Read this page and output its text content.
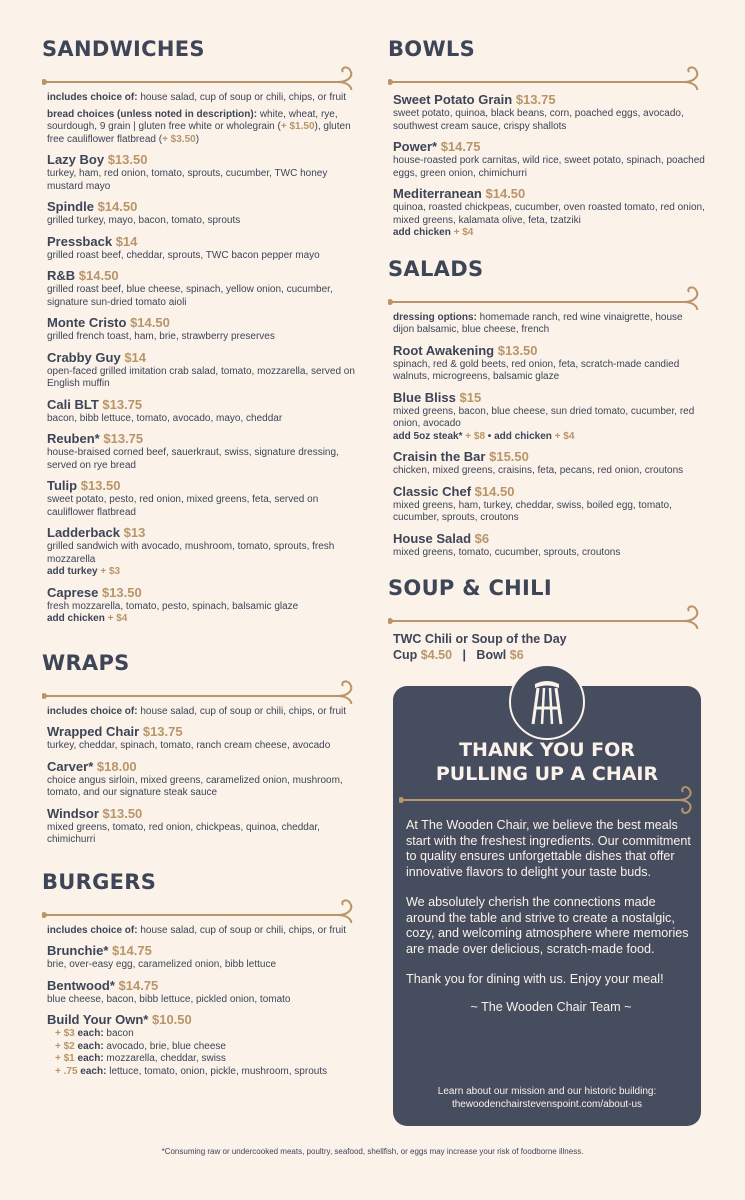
SANDWICHES
includes choice of: house salad, cup of soup or chili, chips, or fruit
bread choices (unless noted in description): white, wheat, rye, sourdough, 9 grain | gluten free white or wholegrain (+ $1.50), gluten free cauliflower flatbread (+ $3.50)
Lazy Boy $13.50
turkey, ham, red onion, tomato, sprouts, cucumber, TWC honey mustard mayo
Spindle $14.50
grilled turkey, mayo, bacon, tomato, sprouts
Pressback $14
grilled roast beef, cheddar, sprouts, TWC bacon pepper mayo
R&B $14.50
grilled roast beef, blue cheese, spinach, yellow onion, cucumber, signature sun-dried tomato aioli
Monte Cristo $14.50
grilled french toast, ham, brie, strawberry preserves
Crabby Guy $14
open-faced grilled imitation crab salad, tomato, mozzarella, served on English muffin
Cali BLT $13.75
bacon, bibb lettuce, tomato, avocado, mayo, cheddar
Reuben* $13.75
house-braised corned beef, sauerkraut, swiss, signature dressing, served on rye bread
Tulip $13.50
sweet potato, pesto, red onion, mixed greens, feta, served on cauliflower flatbread
Ladderback $13
grilled sandwich with avocado, mushroom, tomato, sprouts, fresh mozzarella
add turkey + $3
Caprese $13.50
fresh mozzarella, tomato, pesto, spinach, balsamic glaze
add chicken + $4
WRAPS
includes choice of: house salad, cup of soup or chili, chips, or fruit
Wrapped Chair $13.75
turkey, cheddar, spinach, tomato, ranch cream cheese, avocado
Carver* $18.00
choice angus sirloin, mixed greens, caramelized onion, mushroom, tomato, and our signature steak sauce
Windsor $13.50
mixed greens, tomato, red onion, chickpeas, quinoa, cheddar, chimichurri
BURGERS
includes choice of: house salad, cup of soup or chili, chips, or fruit
Brunchie* $14.75
brie, over-easy egg, caramelized onion, bibb lettuce
Bentwood* $14.75
blue cheese, bacon, bibb lettuce, pickled onion, tomato
Build Your Own* $10.50
+ $3 each: bacon
+ $2 each: avocado, brie, blue cheese
+ $1 each: mozzarella, cheddar, swiss
+ .75 each: lettuce, tomato, onion, pickle, mushroom, sprouts
BOWLS
Sweet Potato Grain $13.75
sweet potato, quinoa, black beans, corn, poached eggs, avocado, southwest cream sauce, crispy shallots
Power* $14.75
house-roasted pork carnitas, wild rice, sweet potato, spinach, poached eggs, green onion, chimichurri
Mediterranean $14.50
quinoa, roasted chickpeas, cucumber, oven roasted tomato, red onion, mixed greens, kalamata olive, feta, tzatziki
add chicken + $4
SALADS
dressing options: homemade ranch, red wine vinaigrette, house dijon balsamic, blue cheese, french
Root Awakening $13.50
spinach, red & gold beets, red onion, feta, scratch-made candied walnuts, microgreens, balsamic glaze
Blue Bliss $15
mixed greens, bacon, blue cheese, sun dried tomato, cucumber, red onion, avocado
add 5oz steak* + $8 • add chicken + $4
Craisin the Bar $15.50
chicken, mixed greens, craisins, feta, pecans, red onion, croutons
Classic Chef $14.50
mixed greens, ham, turkey, cheddar, swiss, boiled egg, tomato, cucumber, sprouts, croutons
House Salad $6
mixed greens, tomato, cucumber, sprouts, croutons
SOUP & CHILI
TWC Chili or Soup of the Day
Cup $4.50 | Bowl $6
THANK YOU FOR
PULLING UP A CHAIR

At The Wooden Chair, we believe the best meals start with the freshest ingredients. Our commitment to quality ensures unforgettable dishes that offer innovative flavors to delight your taste buds.

We absolutely cherish the connections made around the table and strive to create a nostalgic, cozy, and welcoming atmosphere where memories are made over delicious, scratch-made food.

Thank you for dining with us. Enjoy your meal!

~ The Wooden Chair Team ~
Learn about our mission and our historic building:
thewoodenchairstevenspoint.com/about-us
*Consuming raw or undercooked meats, poultry, seafood, shellfish, or eggs may increase your risk of foodborne illness.
